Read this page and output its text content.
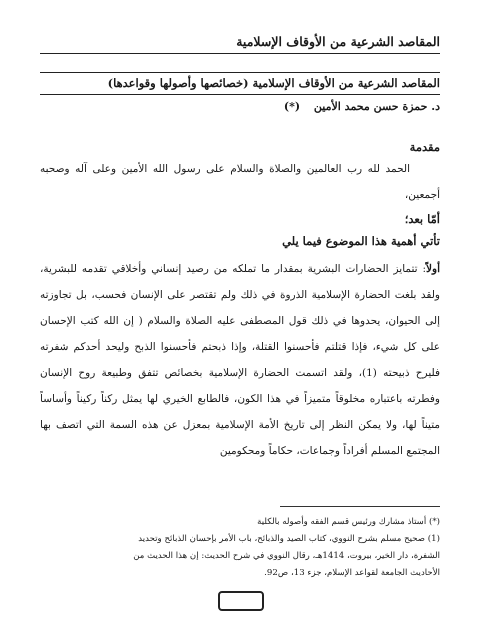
المقاصد الشرعية من الأوقاف الإسلامية
المقاصد الشرعية من الأوقاف الإسلامية (خصائصها وأصولها وقواعدها)
د. حمزة حسن محمد الأمين (*)
مقدمة
الحمد لله رب العالمين والصلاة والسلام على رسول الله الأمين وعلى آله وصحبه أجمعين،
أمّا بعد؛
تأتي أهمية هذا الموضوع فيما يلي
أولاً: تتمايز الحضارات البشرية بمقدار ما تملكه من رصيد إنساني وأخلاقي تقدمه للبشرية، ولقد بلغت الحضارة الإسلامية الذروة في ذلك ولم تقتصر على الإنسان فحسب، بل تجاوزته إلى الحيوان، يحدوها في ذلك قول المصطفى عليه الصلاة والسلام ( إن الله كتب الإحسان على كل شيء، فإذا قتلتم فأحسنوا القتلة، وإذا ذبحتم فأحسنوا الذبح وليحد أحدكم شفرته فليرح ذبيحته (1)، ولقد اتسمت الحضارة الإسلامية بخصائص تتفق وطبيعة روح الإنسان وفطرته باعتباره مخلوقاً متميزاً في هذا الكون، فالطابع الخيري لها يمثل ركناً ركيناً وأساساً متيناً لها، ولا يمكن النظر إلى تاريخ الأمة الإسلامية بمعزل عن هذه السمة التي اتصف بها المجتمع المسلم أفراداً وجماعات، حكاماً ومحكومين
(*) أستاذ مشارك ورئيس قسم الفقه وأصوله بالكلية
(1) صحيح مسلم بشرح النووي، كتاب الصيد والذبائح، باب الأمر بإحسان الذبائح وتحديد
الشفرة، دار الخير، بيروت، 1414هـ، رقال النووي في شرح الحديث: إن هذا الحديث من
الأحاديث الجامعة لقواعد الإسلام، جزء 13، ص92.
